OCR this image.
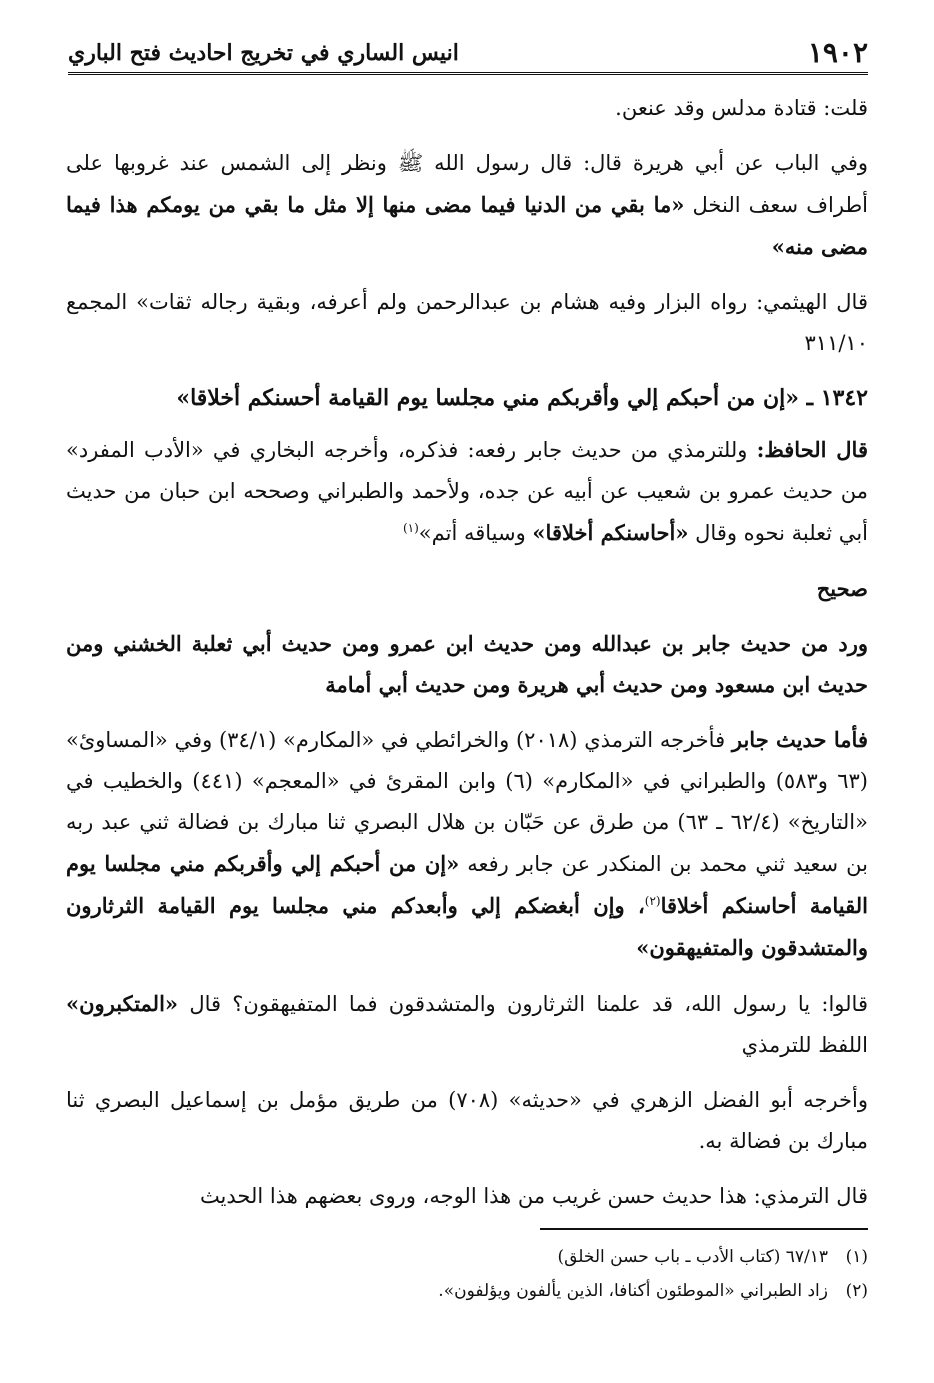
١٩٠٢
انيس الساري في تخريج احاديث فتح الباري

قلت: قتادة مدلس وقد عنعن.

وفي الباب عن أبي هريرة قال: قال رسول الله ﷺ ونظر إلى الشمس عند غروبها على أطراف سعف النخل «ما بقي من الدنيا فيما مضى منها إلا مثل ما بقي من يومكم هذا فيما مضى منه»

قال الهيثمي: رواه البزار وفيه هشام بن عبدالرحمن ولم أعرفه، وبقية رجاله ثقات» المجمع ٣١١/١٠

١٣٤٢ ـ «إن من أحبكم إلي وأقربكم مني مجلسا يوم القيامة أحسنكم أخلاقا»

قال الحافظ: وللترمذي من حديث جابر رفعه: فذكره، وأخرجه البخاري في «الأدب المفرد» من حديث عمرو بن شعيب عن أبيه عن جده، ولأحمد والطبراني وصححه ابن حبان من حديث أبي ثعلبة نحوه وقال «أحاسنكم أخلاقا» وسياقه أتم»$^{(١)}$

صحيح

ورد من حديث جابر بن عبدالله ومن حديث ابن عمرو ومن حديث أبي ثعلبة الخشني ومن حديث ابن مسعود ومن حديث أبي هريرة ومن حديث أبي أمامة

فأما حديث جابر فأخرجه الترمذي (٢٠١٨) والخرائطي في «المكارم» (٣٤/١) وفي «المساوئ» (٦٣ و٥٨٣) والطبراني في «المكارم» (٦) وابن المقرئ في «المعجم» (٤٤١) والخطيب في «التاريخ» (٦٢/٤ ـ ٦٣) من طرق عن حَبّان بن هلال البصري ثنا مبارك بن فضالة ثني عبد ربه بن سعيد ثني محمد بن المنكدر عن جابر رفعه «إن من أحبكم إلي وأقربكم مني مجلسا يوم القيامة أحاسنكم أخلاقا$^{(٢)}$، وإن أبغضكم إلي وأبعدكم مني مجلسا يوم القيامة الثرثارون والمتشدقون والمتفيهقون»

قالوا: يا رسول الله، قد علمنا الثرثارون والمتشدقون فما المتفيهقون؟ قال «المتكبرون» اللفظ للترمذي

وأخرجه أبو الفضل الزهري في «حديثه» (٧٠٨) من طريق مؤمل بن إسماعيل البصري ثنا مبارك بن فضالة به.

قال الترمذي: هذا حديث حسن غريب من هذا الوجه، وروى بعضهم هذا الحديث

(١)٦٧/١٣ (كتاب الأدب ـ باب حسن الخلق)

(٢)زاد الطبراني «الموطئون أكنافا، الذين يألفون ويؤلفون».
